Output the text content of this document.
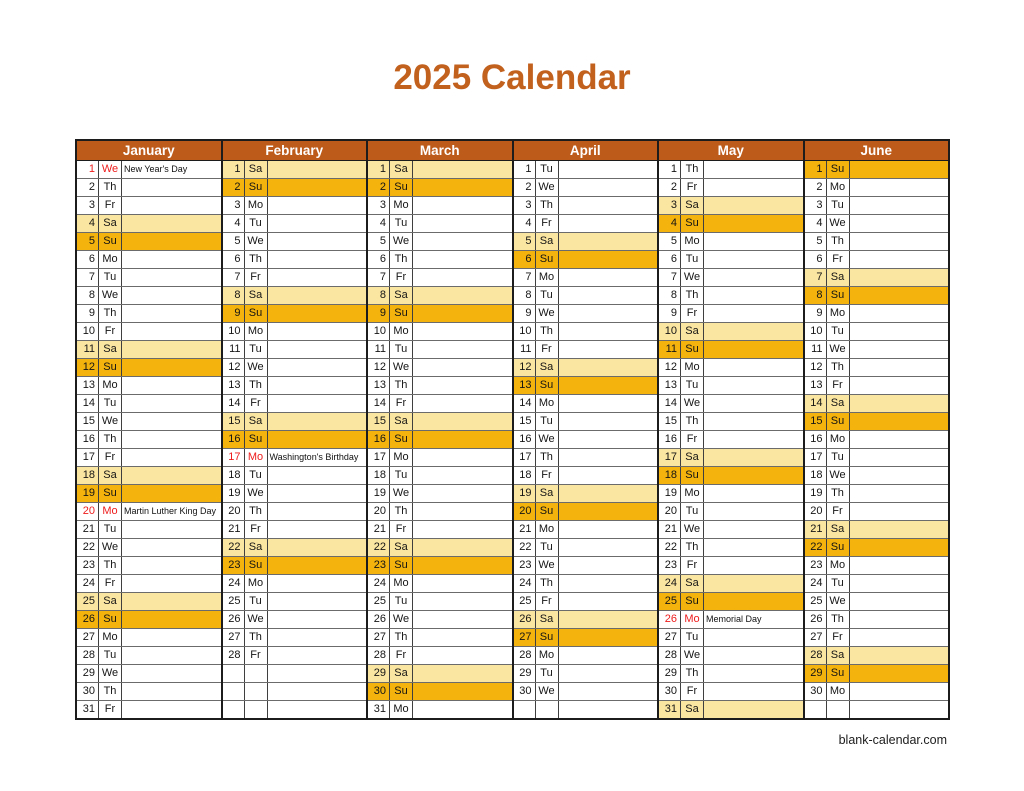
2025 Calendar
January
1 We New Year's Day
2 Th
3 Fr
4 Sa
5 Su
6 Mo
7 Tu
8 We
9 Th
10 Fr
11 Sa
12 Su
13 Mo
14 Tu
15 We
16 Th
17 Fr
18 Sa
19 Su
20 Mo Martin Luther King Day
21 Tu
22 We
23 Th
24 Fr
25 Sa
26 Su
27 Mo
28 Tu
29 We
30 Th
31 Fr
February
1 Sa
2 Su
3 Mo
4 Tu
5 We
6 Th
7 Fr
8 Sa
9 Su
10 Mo
11 Tu
12 We
13 Th
14 Fr
15 Sa
16 Su
17 Mo Washington's Birthday
18 Tu
19 We
20 Th
21 Fr
22 Sa
23 Su
24 Mo
25 Tu
26 We
27 Th
28 Fr
March
1 Sa
2 Su
3 Mo
4 Tu
5 We
6 Th
7 Fr
8 Sa
9 Su
10 Mo
11 Tu
12 We
13 Th
14 Fr
15 Sa
16 Su
17 Mo
18 Tu
19 We
20 Th
21 Fr
22 Sa
23 Su
24 Mo
25 Tu
26 We
27 Th
28 Fr
29 Sa
30 Su
31 Mo
April
1 Tu
2 We
3 Th
4 Fr
5 Sa
6 Su
7 Mo
8 Tu
9 We
10 Th
11 Fr
12 Sa
13 Su
14 Mo
15 Tu
16 We
17 Th
18 Fr
19 Sa
20 Su
21 Mo
22 Tu
23 We
24 Th
25 Fr
26 Sa
27 Su
28 Mo
29 Tu
30 We
May
1 Th
2 Fr
3 Sa
4 Su
5 Mo
6 Tu
7 We
8 Th
9 Fr
10 Sa
11 Su
12 Mo
13 Tu
14 We
15 Th
16 Fr
17 Sa
18 Su
19 Mo
20 Tu
21 We
22 Th
23 Fr
24 Sa
25 Su
26 Mo Memorial Day
27 Tu
28 We
29 Th
30 Fr
31 Sa
June
1 Su
2 Mo
3 Tu
4 We
5 Th
6 Fr
7 Sa
8 Su
9 Mo
10 Tu
11 We
12 Th
13 Fr
14 Sa
15 Su
16 Mo
17 Tu
18 We
19 Th
20 Fr
21 Sa
22 Su
23 Mo
24 Tu
25 We
26 Th
27 Fr
28 Sa
29 Su
30 Mo
blank-calendar.com
